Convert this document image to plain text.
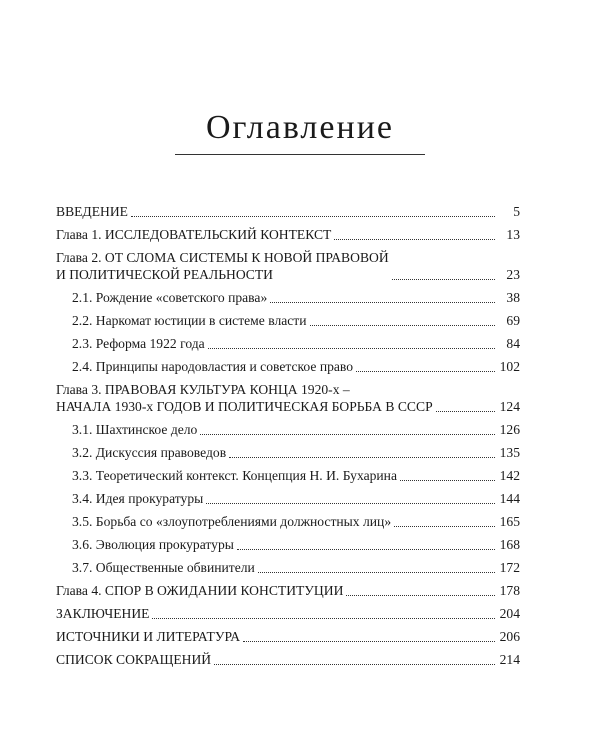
Оглавление
ВВЕДЕНИЕ	5
Глава 1. ИССЛЕДОВАТЕЛЬСКИЙ КОНТЕКСТ	13
Глава 2. ОТ СЛОМА СИСТЕМЫ К НОВОЙ ПРАВОВОЙ
И ПОЛИТИЧЕСКОЙ РЕАЛЬНОСТИ	23
2.1. Рождение «советского права»	38
2.2. Наркомат юстиции в системе власти	69
2.3. Реформа 1922 года	84
2.4. Принципы народовластия и советское право	102
Глава 3. ПРАВОВАЯ КУЛЬТУРА КОНЦА 1920-х –
НАЧАЛА 1930-х ГОДОВ И ПОЛИТИЧЕСКАЯ БОРЬБА В СССР	124
3.1. Шахтинское дело	126
3.2. Дискуссия правоведов	135
3.3. Теоретический контекст. Концепция Н. И. Бухарина	142
3.4. Идея прокуратуры	144
3.5. Борьба со «злоупотреблениями должностных лиц»	165
3.6. Эволюция прокуратуры	168
3.7. Общественные обвинители	172
Глава 4. СПОР В ОЖИДАНИИ КОНСТИТУЦИИ	178
ЗАКЛЮЧЕНИЕ	204
ИСТОЧНИКИ И ЛИТЕРАТУРА	206
СПИСОК СОКРАЩЕНИЙ	214
